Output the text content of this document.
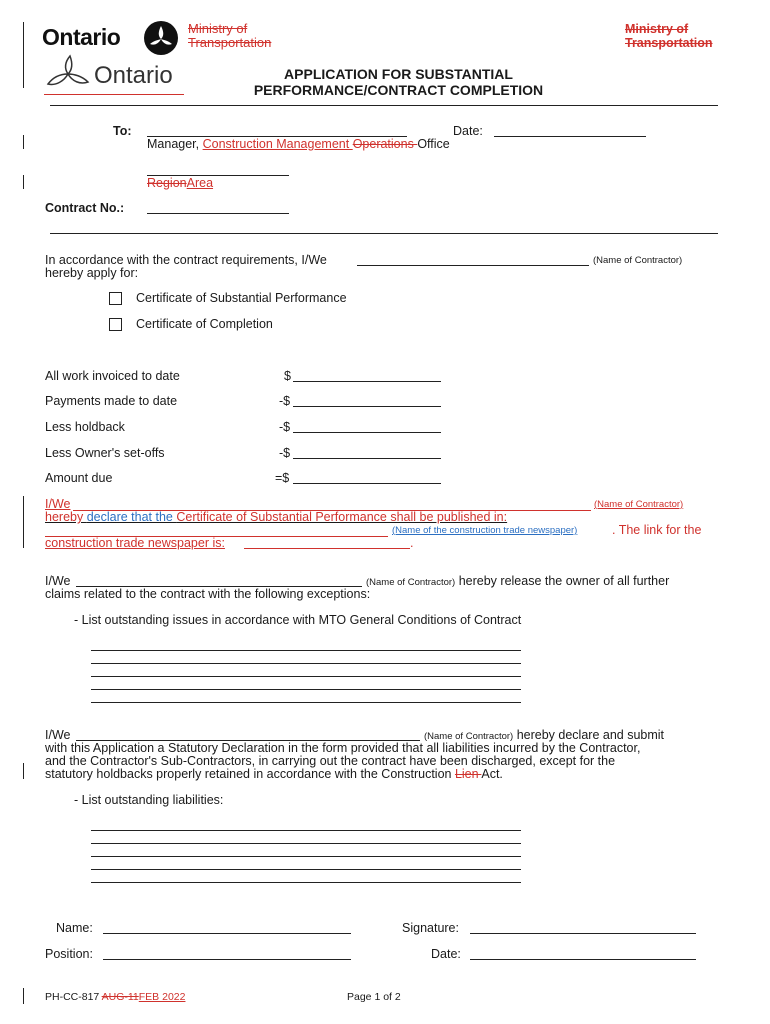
Ontario	Ministry of
Transportation
Ministry of
Transportation
Ontario	APPLICATION FOR SUBSTANTIAL
PERFORMANCE/CONTRACT COMPLETION
To:	Date:
Manager, Construction Management Operations Office
RegionArea
Contract No.:
In accordance with the contract requirements, I/We	(Name of Contractor)
hereby apply for:
Certificate of Substantial Performance
Certificate of Completion
All work invoiced to date	$
Payments made to date	-$
Less holdback	-$
Less Owner's set-offs	-$
Amount due	=$
I/We	(Name of Contractor)
hereby declare that the Certificate of Substantial Performance shall be published in:
(Name of the construction trade newspaper)	. The link for the
construction trade newspaper is:	.
I/We	(Name of Contractor) hereby release the owner of all further
claims related to the contract with the following exceptions:
- List outstanding issues in accordance with MTO General Conditions of Contract
I/We	(Name of Contractor) hereby declare and submit
with this Application a Statutory Declaration in the form provided that all liabilities incurred by the Contractor,
and the Contractor's Sub-Contractors, in carrying out the contract have been discharged, except for the
statutory holdbacks properly retained in accordance with the Construction Lien Act.
- List outstanding liabilities:
Name:	Signature:
Position:	Date:
PH-CC-817 AUG-11FEB 2022	Page 1 of 2
